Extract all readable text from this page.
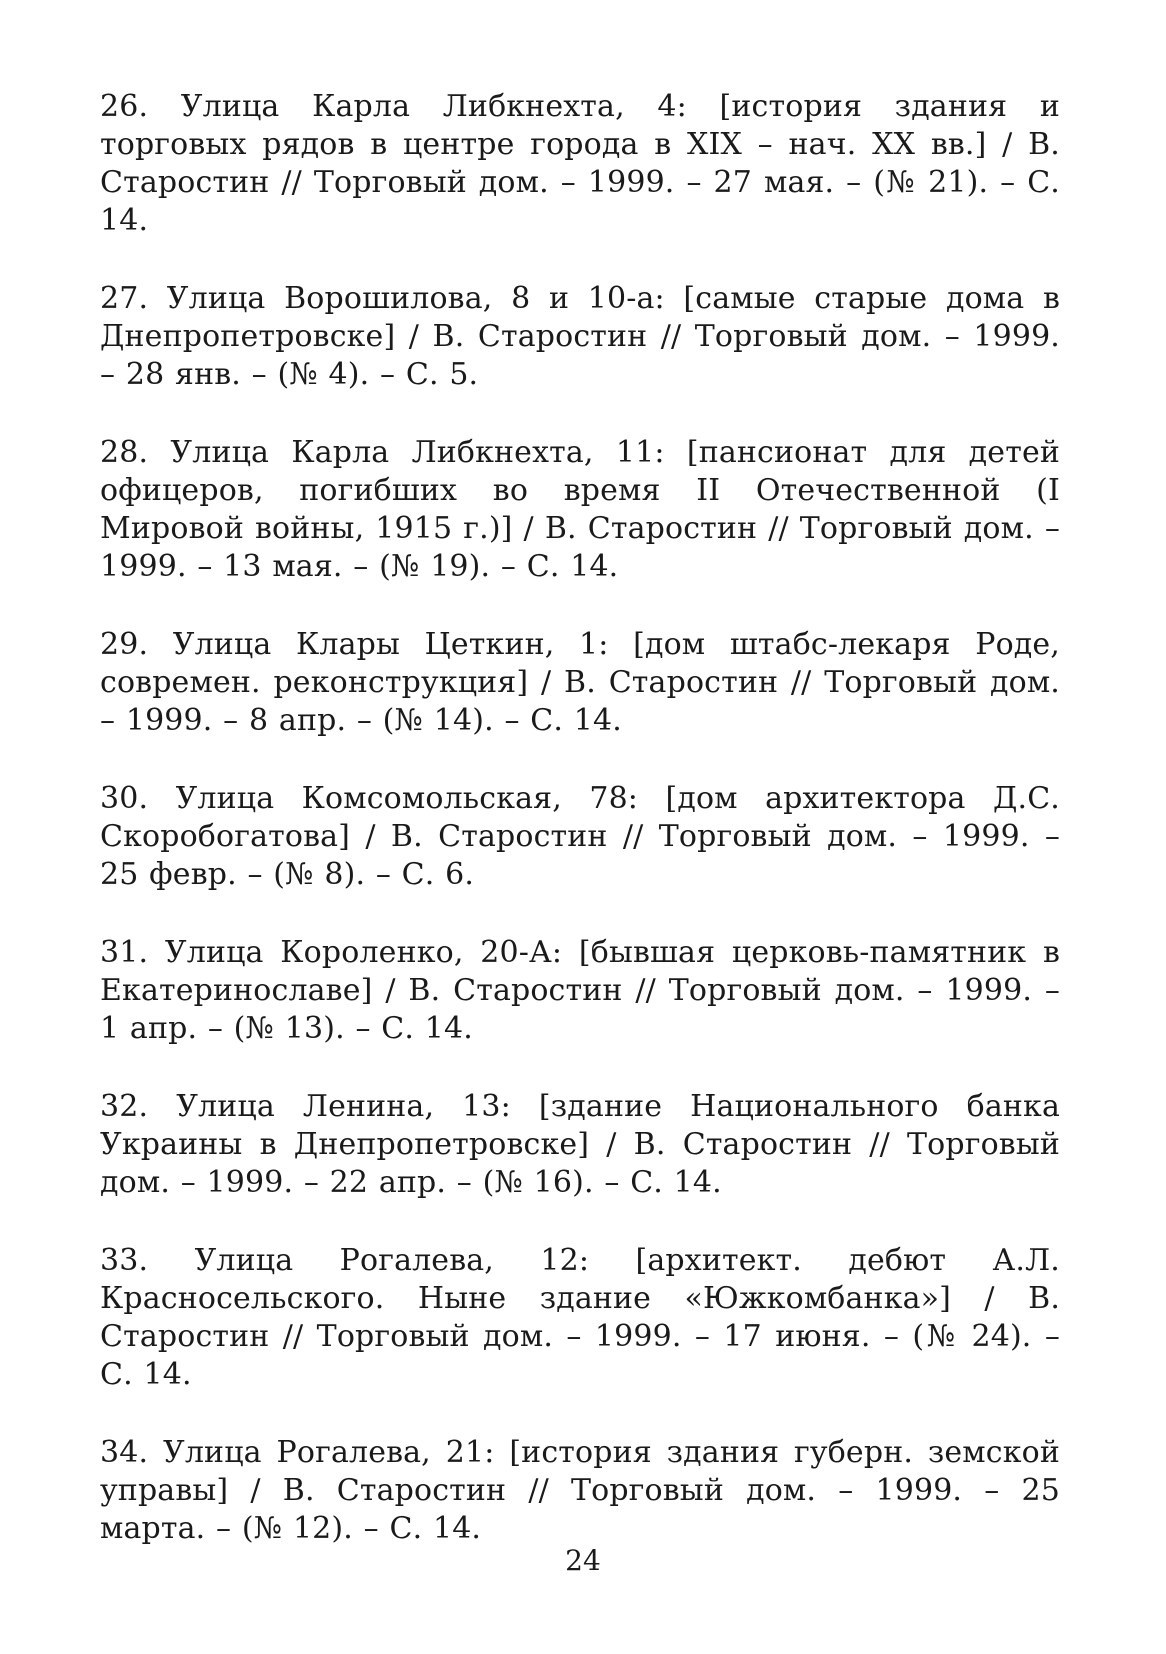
26. Улица Карла Либкнехта, 4: [история здания и торговых рядов в центре города в XIX – нач. XX вв.] / В. Старостин // Торговый дом. – 1999. – 27 мая. – (№ 21). – С. 14.

27. Улица Ворошилова, 8 и 10-а: [самые старые дома в Днепропетровске] / В. Старостин // Торговый дом. – 1999. – 28 янв. – (№ 4). – С. 5.

28. Улица Карла Либкнехта, 11: [пансионат для детей офицеров, погибших во время II Отечественной (I Мировой войны, 1915 г.)] / В. Старостин // Торговый дом. – 1999. – 13 мая. – (№ 19). – С. 14.

29. Улица Клары Цеткин, 1: [дом штабс-лекаря Роде, современ. реконструкция] / В. Старостин // Торговый дом. – 1999. – 8 апр. – (№ 14). – С. 14.

30. Улица Комсомольская, 78: [дом архитектора Д.С. Скоробогатова] / В. Старостин // Торговый дом. – 1999. – 25 февр. – (№ 8). – С. 6.

31. Улица Короленко, 20-А: [бывшая церковь-памятник в Екатеринославе] / В. Старостин // Торговый дом. – 1999. – 1 апр. – (№ 13). – С. 14.

32. Улица Ленина, 13: [здание Национального банка Украины в Днепропетровске] / В. Старостин // Торговый дом. – 1999. – 22 апр. – (№ 16). – С. 14.

33. Улица Рогалева, 12: [архитект. дебют А.Л. Красносельского. Ныне здание «Южкомбанка»] / В. Старостин // Торговый дом. – 1999. – 17 июня. – (№ 24). – С. 14.

34. Улица Рогалева, 21: [история здания губерн. земской управы] / В. Старостин // Торговый дом. – 1999. – 25 марта. – (№ 12). – С. 14.

24
